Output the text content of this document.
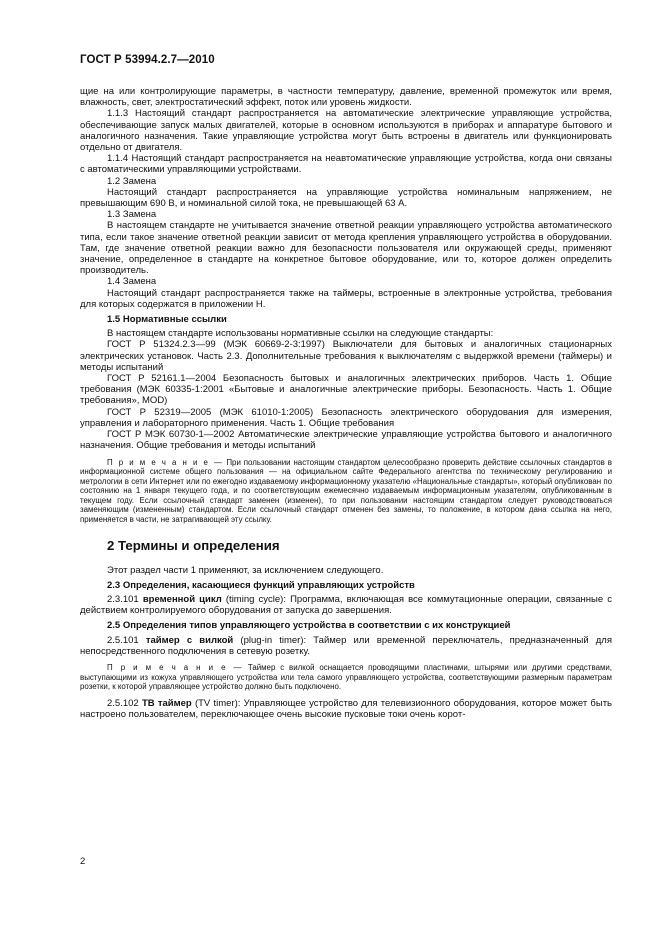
ГОСТ Р 53994.2.7—2010

щие на или контролирующие параметры, в частности температуру, давление, временной промежуток или время, влажность, свет, электростатический эффект, поток или уровень жидкости.

1.1.3 Настоящий стандарт распространяется на автоматические электрические управляющие устройства, обеспечивающие запуск малых двигателей, которые в основном используются в приборах и аппаратуре бытового и аналогичного назначения. Такие управляющие устройства могут быть встроены в двигатель или функционировать отдельно от двигателя.

1.1.4 Настоящий стандарт распространяется на неавтоматические управляющие устройства, когда они связаны с автоматическими управляющими устройствами.

1.2 Замена

Настоящий стандарт распространяется на управляющие устройства номинальным напряжением, не превышающим 690 В, и номинальной силой тока, не превышающей 63 А.

1.3 Замена

В настоящем стандарте не учитывается значение ответной реакции управляющего устройства автоматического типа, если такое значение ответной реакции зависит от метода крепления управляющего устройства в оборудовании. Там, где значение ответной реакции важно для безопасности пользователя или окружающей среды, применяют значение, определенное в стандарте на конкретное бытовое оборудование, или то, которое должен определить производитель.

1.4 Замена

Настоящий стандарт распространяется также на таймеры, встроенные в электронные устройства, требования для которых содержатся в приложении Н.

1.5 Нормативные ссылки

В настоящем стандарте использованы нормативные ссылки на следующие стандарты:

ГОСТ Р 51324.2.3—99 (МЭК 60669-2-3:1997) Выключатели для бытовых и аналогичных стационарных электрических установок. Часть 2.3. Дополнительные требования к выключателям с выдержкой времени (таймеры) и методы испытаний

ГОСТ Р 52161.1—2004 Безопасность бытовых и аналогичных электрических приборов. Часть 1. Общие требования (МЭК 60335-1:2001 «Бытовые и аналогичные электрические приборы. Безопасность. Часть 1. Общие требования», MOD)

ГОСТ Р 52319—2005 (МЭК 61010-1:2005) Безопасность электрического оборудования для измерения, управления и лабораторного применения. Часть 1. Общие требования

ГОСТ Р МЭК 60730-1—2002 Автоматические электрические управляющие устройства бытового и аналогичного назначения. Общие требования и методы испытаний

П р и м е ч а н и е — При пользовании настоящим стандартом целесообразно проверить действие ссылочных стандартов в информационной системе общего пользования — на официальном сайте Федерального агентства по техническому регулированию и метрологии в сети Интернет или по ежегодно издаваемому информационному указателю «Национальные стандарты», который опубликован по состоянию на 1 января текущего года, и по соответствующим ежемесячно издаваемым информационным указателям, опубликованным в текущем году. Если ссылочный стандарт заменен (изменен), то при пользовании настоящим стандартом следует руководствоваться заменяющим (измененным) стандартом. Если ссылочный стандарт отменен без замены, то положение, в котором дана ссылка на него, применяется в части, не затрагивающей эту ссылку.

2 Термины и определения

Этот раздел части 1 применяют, за исключением следующего.

2.3 Определения, касающиеся функций управляющих устройств

2.3.101 временной цикл (timing cycle): Программа, включающая все коммутационные операции, связанные с действием контролируемого оборудования от запуска до завершения.

2.5 Определения типов управляющего устройства в соответствии с их конструкцией

2.5.101 таймер с вилкой (plug-in timer): Таймер или временной переключатель, предназначенный для непосредственного подключения в сетевую розетку.

П р и м е ч а н и е — Таймер с вилкой оснащается проводящими пластинами, штырями или другими средствами, выступающими из кожуха управляющего устройства или тела самого управляющего устройства, соответствующими размерным параметрам розетки, к которой управляющее устройство должно быть подключено.

2.5.102 ТВ таймер (TV timer): Управляющее устройство для телевизионного оборудования, которое может быть настроено пользователем, переключающее очень высокие пусковые токи очень корот-

2
